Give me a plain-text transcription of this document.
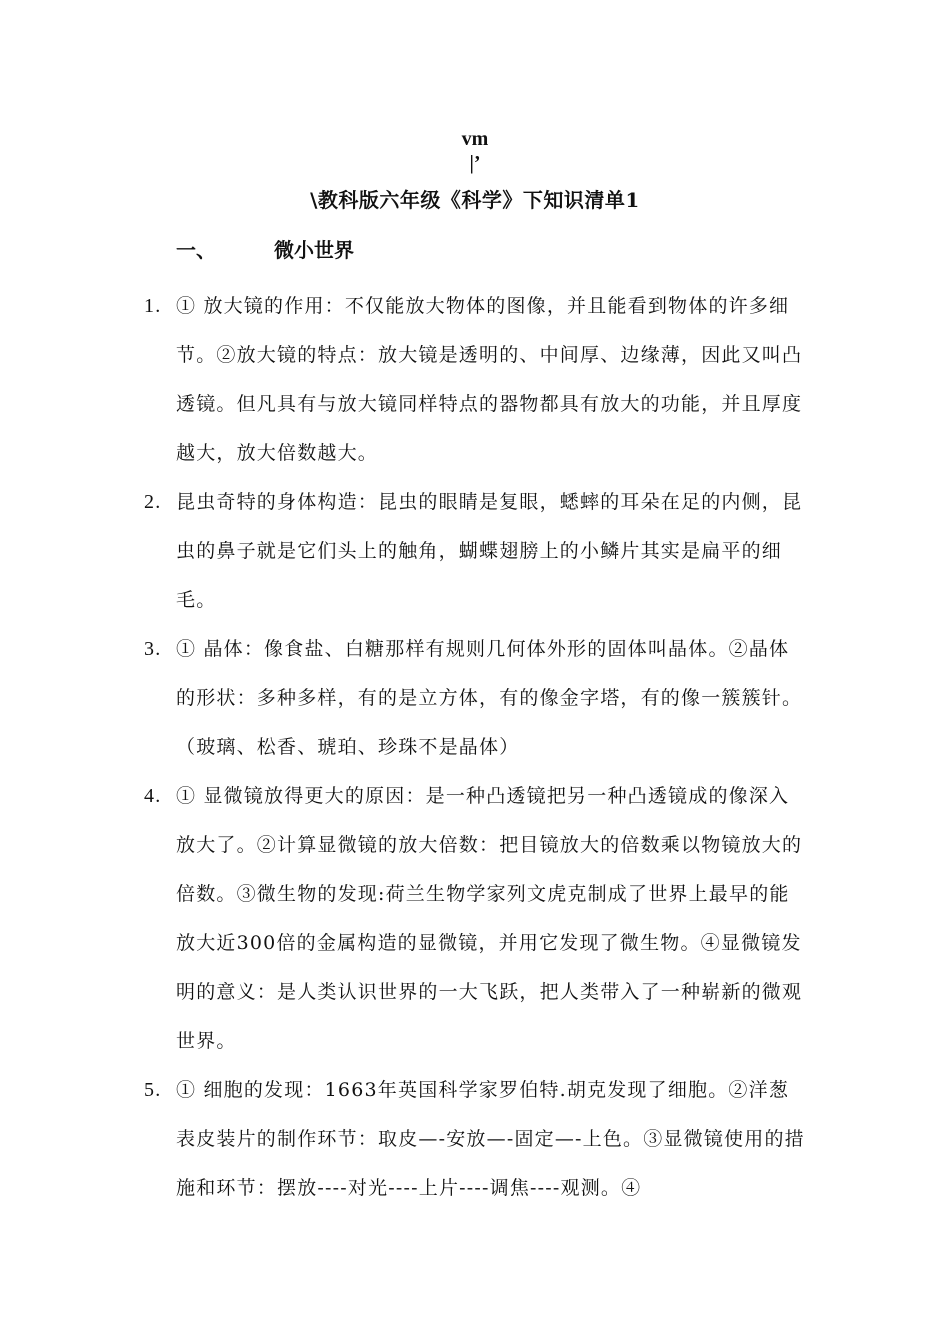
vm
|’
\教科版六年级《科学》下知识清单1
一、	微小世界
1. ① 放大镜的作用：不仅能放大物体的图像，并且能看到物体的许多细节。②放大镜的特点：放大镜是透明的、中间厚、边缘薄，因此又叫凸透镜。但凡具有与放大镜同样特点的器物都具有放大的功能，并且厚度越大，放大倍数越大。
2. 昆虫奇特的身体构造：昆虫的眼睛是复眼，蟋蟀的耳朵在足的内侧，昆虫的鼻子就是它们头上的触角，蝴蝶翅膀上的小鳞片其实是扁平的细毛。
3. ① 晶体：像食盐、白糖那样有规则几何体外形的固体叫晶体。②晶体的形状：多种多样，有的是立方体，有的像金字塔，有的像一簇簇针。（玻璃、松香、琥珀、珍珠不是晶体）
4. ① 显微镜放得更大的原因：是一种凸透镜把另一种凸透镜成的像深入放大了。②计算显微镜的放大倍数：把目镜放大的倍数乘以物镜放大的倍数。③微生物的发现:荷兰生物学家列文虎克制成了世界上最早的能放大近300倍的金属构造的显微镜，并用它发现了微生物。④显微镜发明的意义：是人类认识世界的一大飞跃，把人类带入了一种崭新的微观世界。
5. ① 细胞的发现：1663年英国科学家罗伯特.胡克发现了细胞。②洋葱表皮装片的制作环节：取皮—-安放—-固定—-上色。③显微镜使用的措施和环节：摆放----对光----上片----调焦----观测。④
